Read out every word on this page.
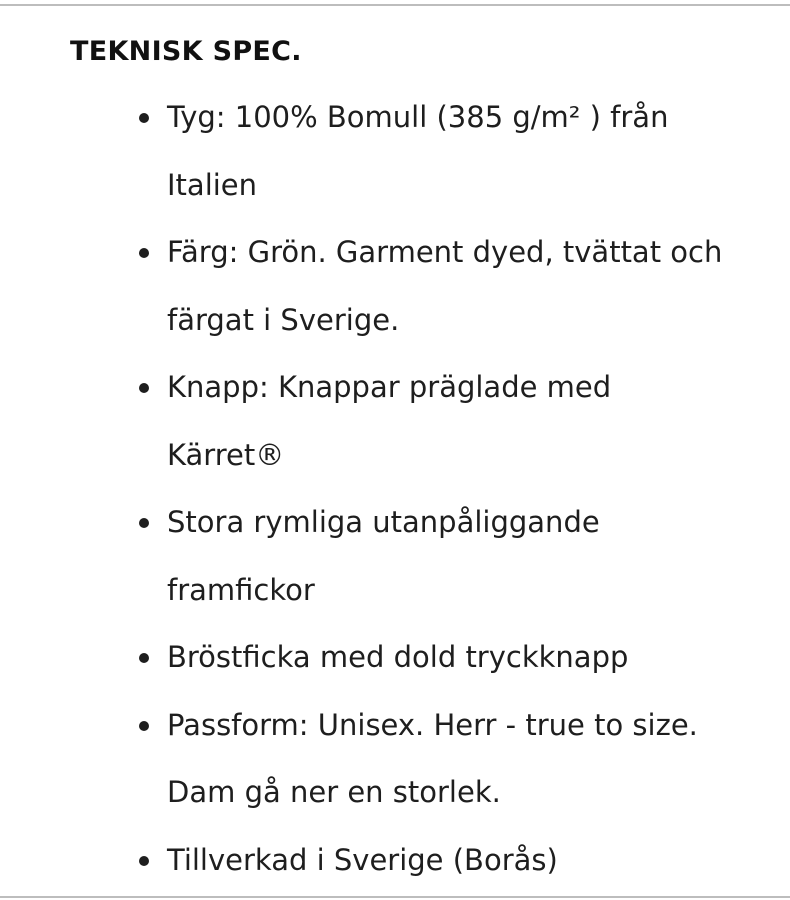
TEKNISK SPEC.
Tyg: 100% Bomull (385 g/m² ) från
Italien
Färg: Grön. Garment dyed, tvättat och
färgat i Sverige.
Knapp: Knappar präglade med
Kärret®
Stora rymliga utanpåliggande
framfickor
Bröstficka med dold tryckknapp
Passform: Unisex. Herr - true to size.
Dam gå ner en storlek.
Tillverkad i Sverige (Borås)
